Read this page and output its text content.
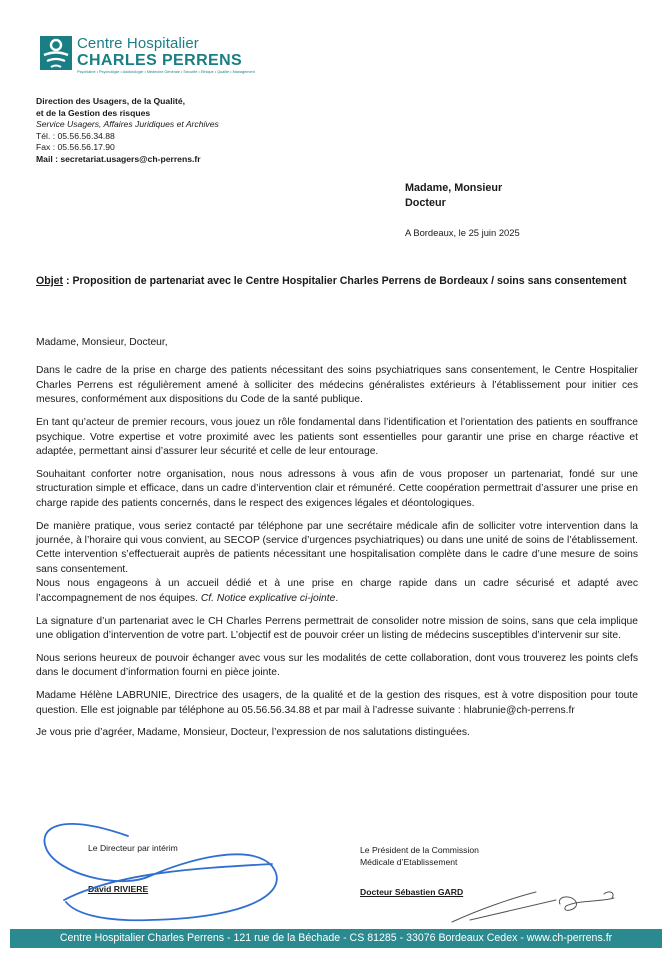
Centre Hospitalier
CHARLES PERRENS
Psychiatrie • Psychologie • Addictologie • Médecine Générale • Sécurité • Ethique • Qualité • Management
Direction des Usagers, de la Qualité,
et de la Gestion des risques
Service Usagers, Affaires Juridiques et Archives
Tél. : 05.56.56.34.88
Fax : 05.56.56.17.90
Mail : secretariat.usagers@ch-perrens.fr
Madame, Monsieur
Docteur
A Bordeaux, le 25 juin 2025
Objet : Proposition de partenariat avec le Centre Hospitalier Charles Perrens de Bordeaux / soins sans consentement

Madame, Monsieur, Docteur,

Dans le cadre de la prise en charge des patients nécessitant des soins psychiatriques sans consentement, le Centre Hospitalier Charles Perrens est régulièrement amené à solliciter des médecins généralistes extérieurs à l’établissement pour initier ces mesures, conformément aux dispositions du Code de la santé publique.

En tant qu’acteur de premier recours, vous jouez un rôle fondamental dans l’identification et l’orientation des patients en souffrance psychique. Votre expertise et votre proximité avec les patients sont essentielles pour garantir une prise en charge réactive et adaptée, permettant ainsi d’assurer leur sécurité et celle de leur entourage.

Souhaitant conforter notre organisation, nous nous adressons à vous afin de vous proposer un partenariat, fondé sur une structuration simple et efficace, dans un cadre d’intervention clair et rémunéré. Cette coopération permettrait d’assurer une prise en charge rapide des patients concernés, dans le respect des exigences légales et déontologiques.

De manière pratique, vous seriez contacté par téléphone par une secrétaire médicale afin de solliciter votre intervention dans la journée, à l’horaire qui vous convient, au SECOP (service d’urgences psychiatriques) ou dans une unité de soins de l’établissement. Cette intervention s’effectuerait auprès de patients nécessitant une hospitalisation complète dans le cadre d’une mesure de soins sans consentement.

Nous nous engageons à un accueil dédié et à une prise en charge rapide dans un cadre sécurisé et adapté avec l’accompagnement de nos équipes. Cf. Notice explicative ci-jointe.

La signature d’un partenariat avec le CH Charles Perrens permettrait de consolider notre mission de soins, sans que cela implique une obligation d’intervention de votre part. L’objectif est de pouvoir créer un listing de médecins susceptibles d’intervenir sur site.

Nous serions heureux de pouvoir échanger avec vous sur les modalités de cette collaboration, dont vous trouverez les points clefs dans le document d’information fourni en pièce jointe.

Madame Hélène LABRUNIE, Directrice des usagers, de la qualité et de la gestion des risques, est à votre disposition pour toute question. Elle est joignable par téléphone au 05.56.56.34.88 et par mail à l’adresse suivante : hlabrunie@ch-perrens.fr

Je vous prie d’agréer, Madame, Monsieur, Docteur, l’expression de nos salutations distinguées.

Le Directeur par intérim
David RIVIERE
Le Président de la Commission
Médicale d’Etablissement
Docteur Sébastien GARD
Centre Hospitalier Charles Perrens - 121 rue de la Béchade - CS 81285 - 33076 Bordeaux Cedex - www.ch-perrens.fr
